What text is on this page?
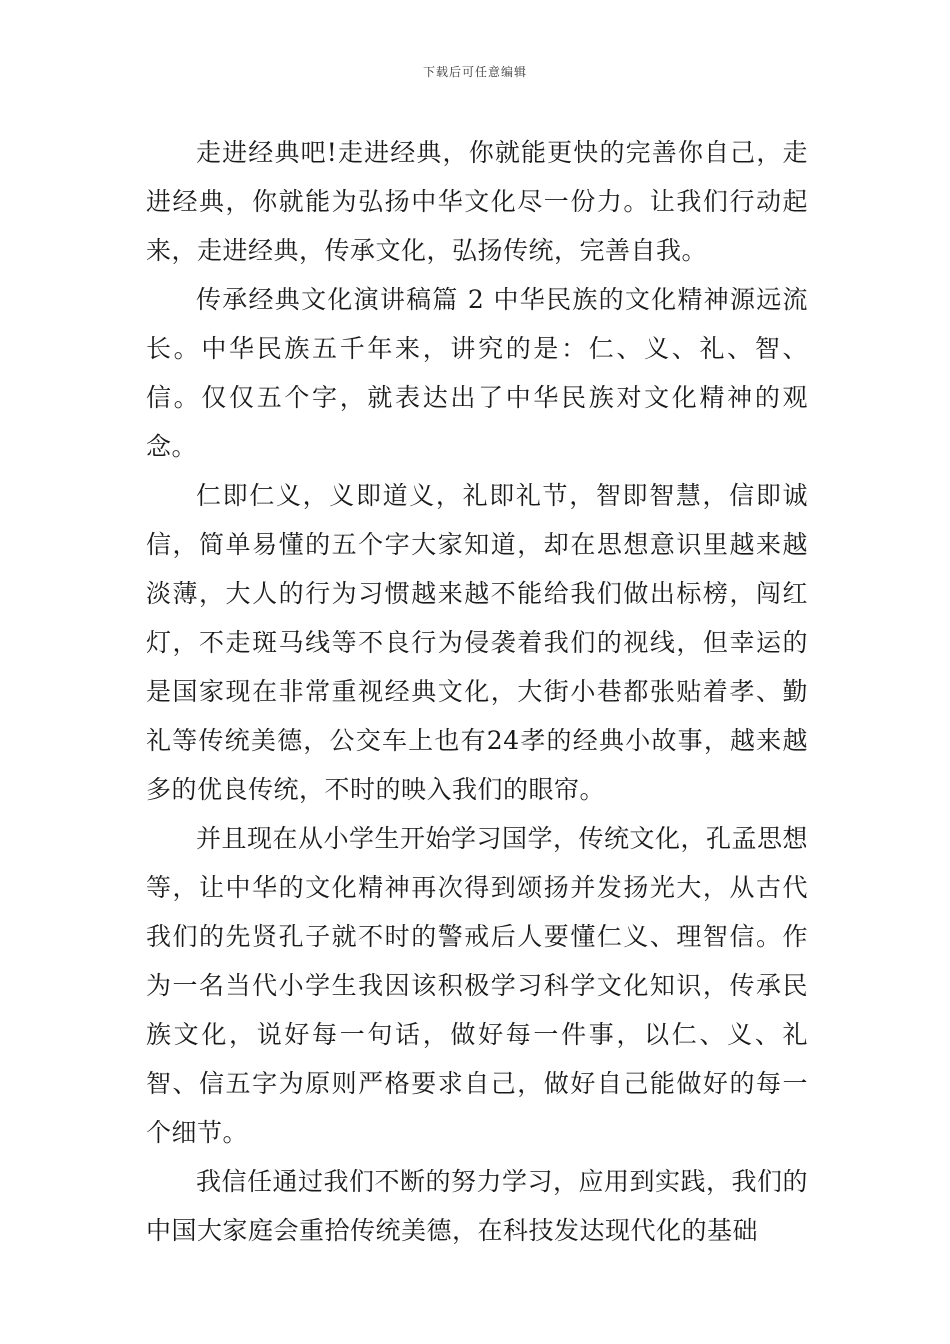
下载后可任意编辑

走进经典吧!走进经典，你就能更快的完善你自己，走进经典，你就能为弘扬中华文化尽一份力。让我们行动起来，走进经典，传承文化，弘扬传统，完善自我。

传承经典文化演讲稿篇 2 中华民族的文化精神源远流长。中华民族五千年来，讲究的是：仁、义、礼、智、信。仅仅五个字，就表达出了中华民族对文化精神的观念。

仁即仁义，义即道义，礼即礼节，智即智慧，信即诚信，简单易懂的五个字大家知道，却在思想意识里越来越淡薄，大人的行为习惯越来越不能给我们做出标榜，闯红灯，不走斑马线等不良行为侵袭着我们的视线，但幸运的是国家现在非常重视经典文化，大街小巷都张贴着孝、勤礼等传统美德，公交车上也有24孝的经典小故事，越来越多的优良传统，不时的映入我们的眼帘。

并且现在从小学生开始学习国学，传统文化，孔孟思想等，让中华的文化精神再次得到颂扬并发扬光大，从古代我们的先贤孔子就不时的警戒后人要懂仁义、理智信。作为一名当代小学生我因该积极学习科学文化知识，传承民族文化，说好每一句话，做好每一件事，以仁、义、礼智、信五字为原则严格要求自己，做好自己能做好的每一个细节。

我信任通过我们不断的努力学习，应用到实践，我们的中国大家庭会重拾传统美德，在科技发达现代化的基础
